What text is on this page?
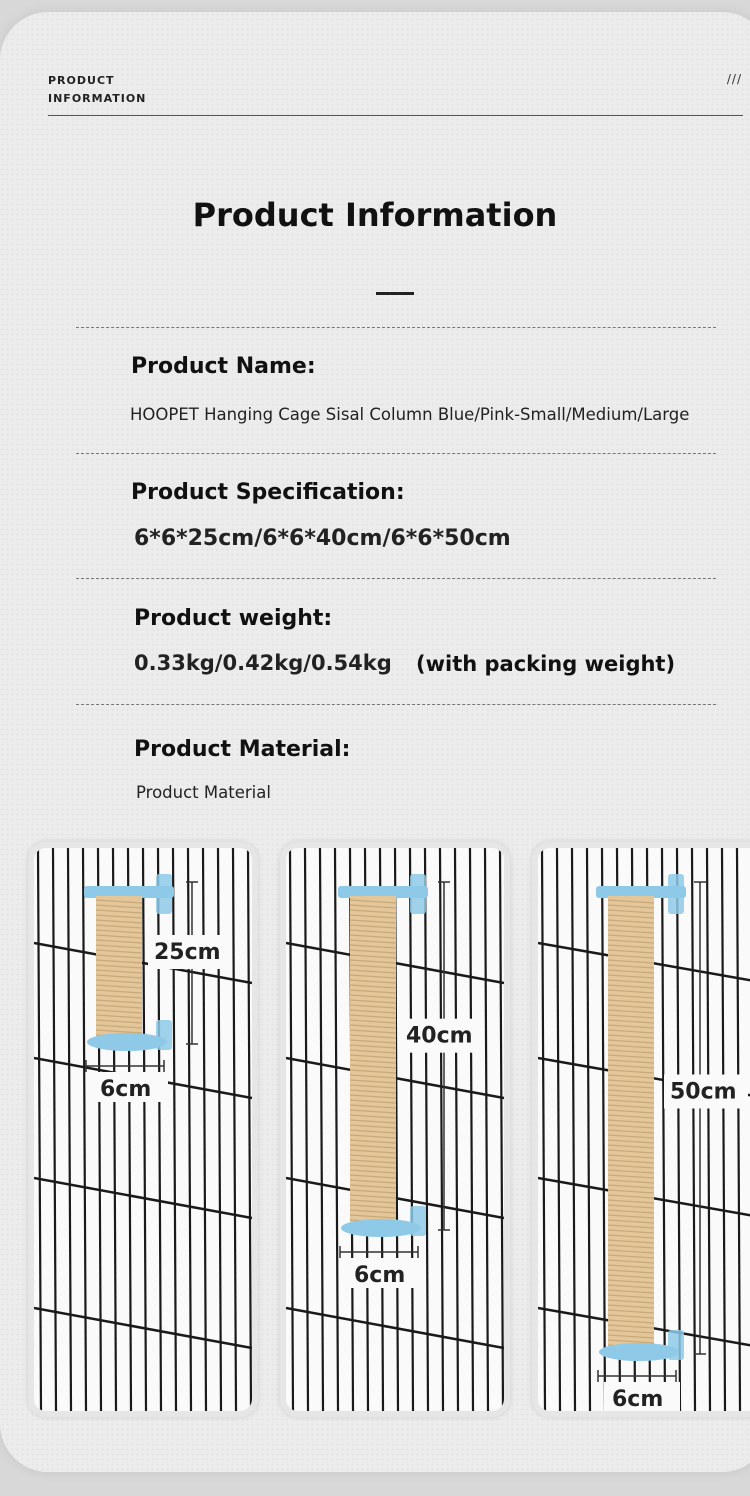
PRODUCT INFORMATION
///
Product Information
Product Name:
HOOPET Hanging Cage Sisal Column Blue/Pink-Small/Medium/Large
Product Specification:
6*6*25cm/6*6*40cm/6*6*50cm
Product weight:
0.33kg/0.42kg/0.54kg (with packing weight)
Product Material:
Product Material
25cm
6cm
40cm
6cm
50cm
6cm
